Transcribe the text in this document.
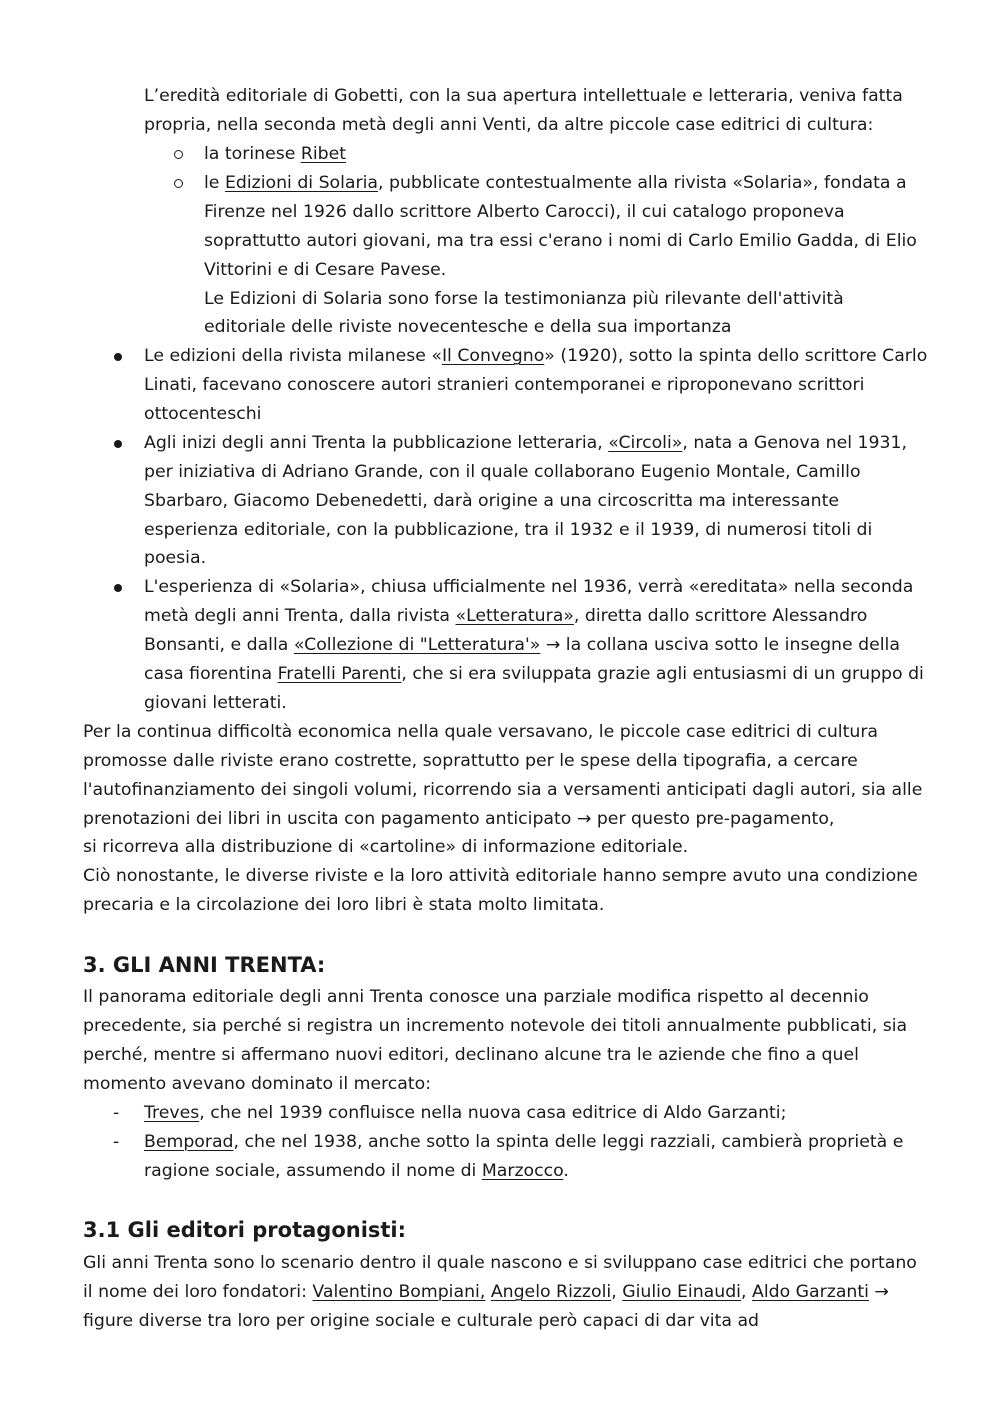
L’eredità editoriale di Gobetti, con la sua apertura intellettuale e letteraria, veniva fatta
propria, nella seconda metà degli anni Venti, da altre piccole case editrici di cultura:
la torinese Ribet
le Edizioni di Solaria, pubblicate contestualmente alla rivista «Solaria», fondata a
Firenze nel 1926 dallo scrittore Alberto Carocci), il cui catalogo proponeva
soprattutto autori giovani, ma tra essi c'erano i nomi di Carlo Emilio Gadda, di Elio
Vittorini e di Cesare Pavese.
Le Edizioni di Solaria sono forse la testimonianza più rilevante dell'attività
editoriale delle riviste novecentesche e della sua importanza
Le edizioni della rivista milanese «Il Convegno» (1920), sotto la spinta dello scrittore Carlo
Linati, facevano conoscere autori stranieri contemporanei e riproponevano scrittori
ottocenteschi
Agli inizi degli anni Trenta la pubblicazione letteraria, «Circoli», nata a Genova nel 1931,
per iniziativa di Adriano Grande, con il quale collaborano Eugenio Montale, Camillo
Sbarbaro, Giacomo Debenedetti, darà origine a una circoscritta ma interessante
esperienza editoriale, con la pubblicazione, tra il 1932 e il 1939, di numerosi titoli di
poesia.
L'esperienza di «Solaria», chiusa ufficialmente nel 1936, verrà «ereditata» nella seconda
metà degli anni Trenta, dalla rivista «Letteratura», diretta dallo scrittore Alessandro
Bonsanti, e dalla «Collezione di "Letteratura'» → la collana usciva sotto le insegne della
casa fiorentina Fratelli Parenti, che si era sviluppata grazie agli entusiasmi di un gruppo di
giovani letterati.
Per la continua difficoltà economica nella quale versavano, le piccole case editrici di cultura
promosse dalle riviste erano costrette, soprattutto per le spese della tipografia, a cercare
l'autofinanziamento dei singoli volumi, ricorrendo sia a versamenti anticipati dagli autori, sia alle
prenotazioni dei libri in uscita con pagamento anticipato → per questo pre-pagamento,
si ricorreva alla distribuzione di «cartoline» di informazione editoriale.
Ciò nonostante, le diverse riviste e la loro attività editoriale hanno sempre avuto una condizione
precaria e la circolazione dei loro libri è stata molto limitata.
3. GLI ANNI TRENTA:
Il panorama editoriale degli anni Trenta conosce una parziale modifica rispetto al decennio
precedente, sia perché si registra un incremento notevole dei titoli annualmente pubblicati, sia
perché, mentre si affermano nuovi editori, declinano alcune tra le aziende che fino a quel
momento avevano dominato il mercato:
- Treves, che nel 1939 confluisce nella nuova casa editrice di Aldo Garzanti;
- Bemporad, che nel 1938, anche sotto la spinta delle leggi razziali, cambierà proprietà e
ragione sociale, assumendo il nome di Marzocco.
3.1 Gli editori protagonisti:
Gli anni Trenta sono lo scenario dentro il quale nascono e si sviluppano case editrici che portano
il nome dei loro fondatori: Valentino Bompiani, Angelo Rizzoli, Giulio Einaudi, Aldo Garzanti →
figure diverse tra loro per origine sociale e culturale però capaci di dar vita ad
